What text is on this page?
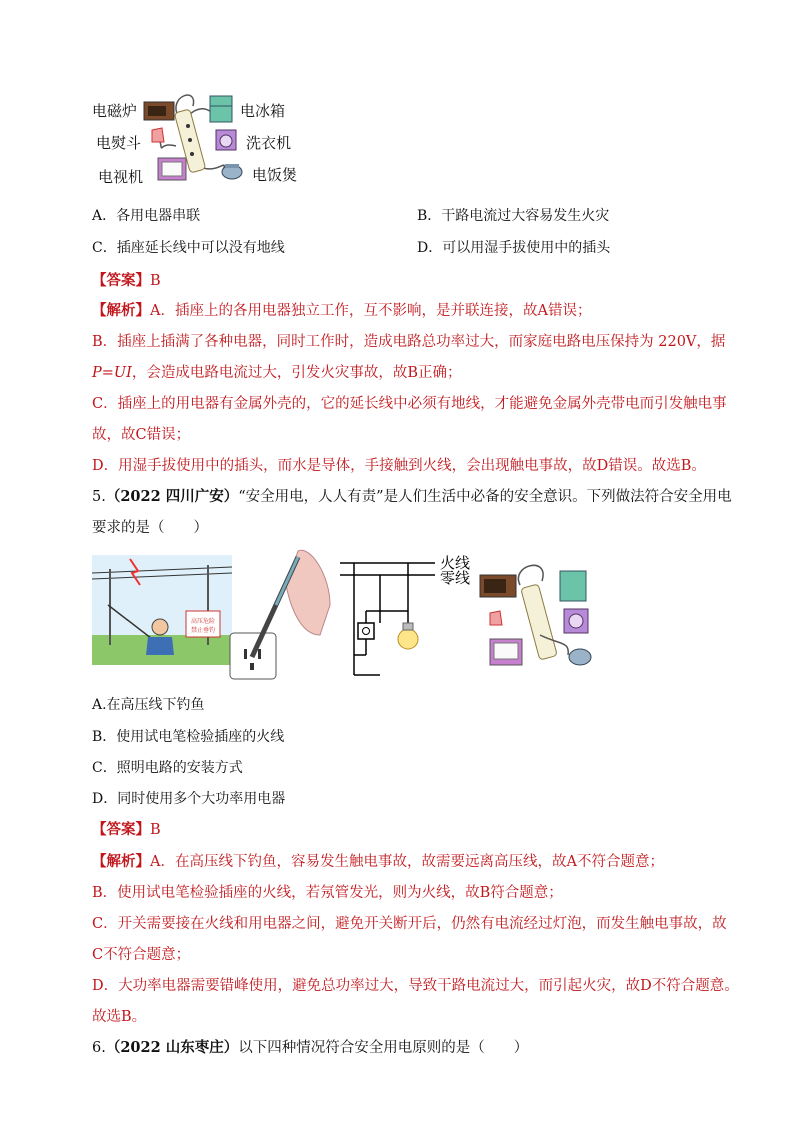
电磁炉
电熨斗
电视机
电冰箱
洗衣机
电饭煲
A．各用电器串联	B．干路电流过大容易发生火灾
C．插座延长线中可以没有地线	D．可以用湿手拔使用中的插头
【答案】B
【解析】A．插座上的各用电器独立工作，互不影响，是并联连接，故A错误；
B．插座上插满了各种电器，同时工作时，造成电路总功率过大，而家庭电路电压保持为 220V，据
P=UI，会造成电路电流过大，引发火灾事故，故B正确；
C．插座上的用电器有金属外壳的，它的延长线中必须有地线，才能避免金属外壳带电而引发触电事
故，故C错误；
D．用湿手拔使用中的插头，而水是导体，手接触到火线，会出现触电事故，故D错误。故选B。
5.（2022 四川广安）“安全用电，人人有责”是人们生活中必备的安全意识。下列做法符合安全用电
要求的是（　　）
高压危险
禁止垂钓
火线
零线
A.在高压线下钓鱼
B．使用试电笔检验插座的火线
C．照明电路的安装方式
D．同时使用多个大功率用电器
【答案】B
【解析】A．在高压线下钓鱼，容易发生触电事故，故需要远离高压线，故A不符合题意；
B．使用试电笔检验插座的火线，若氖管发光，则为火线，故B符合题意；
C．开关需要接在火线和用电器之间，避免开关断开后，仍然有电流经过灯泡，而发生触电事故，故
C不符合题意；
D．大功率电器需要错峰使用，避免总功率过大，导致干路电流过大，而引起火灾，故D不符合题意。
故选B。
6.（2022 山东枣庄）以下四种情况符合安全用电原则的是（　　）
